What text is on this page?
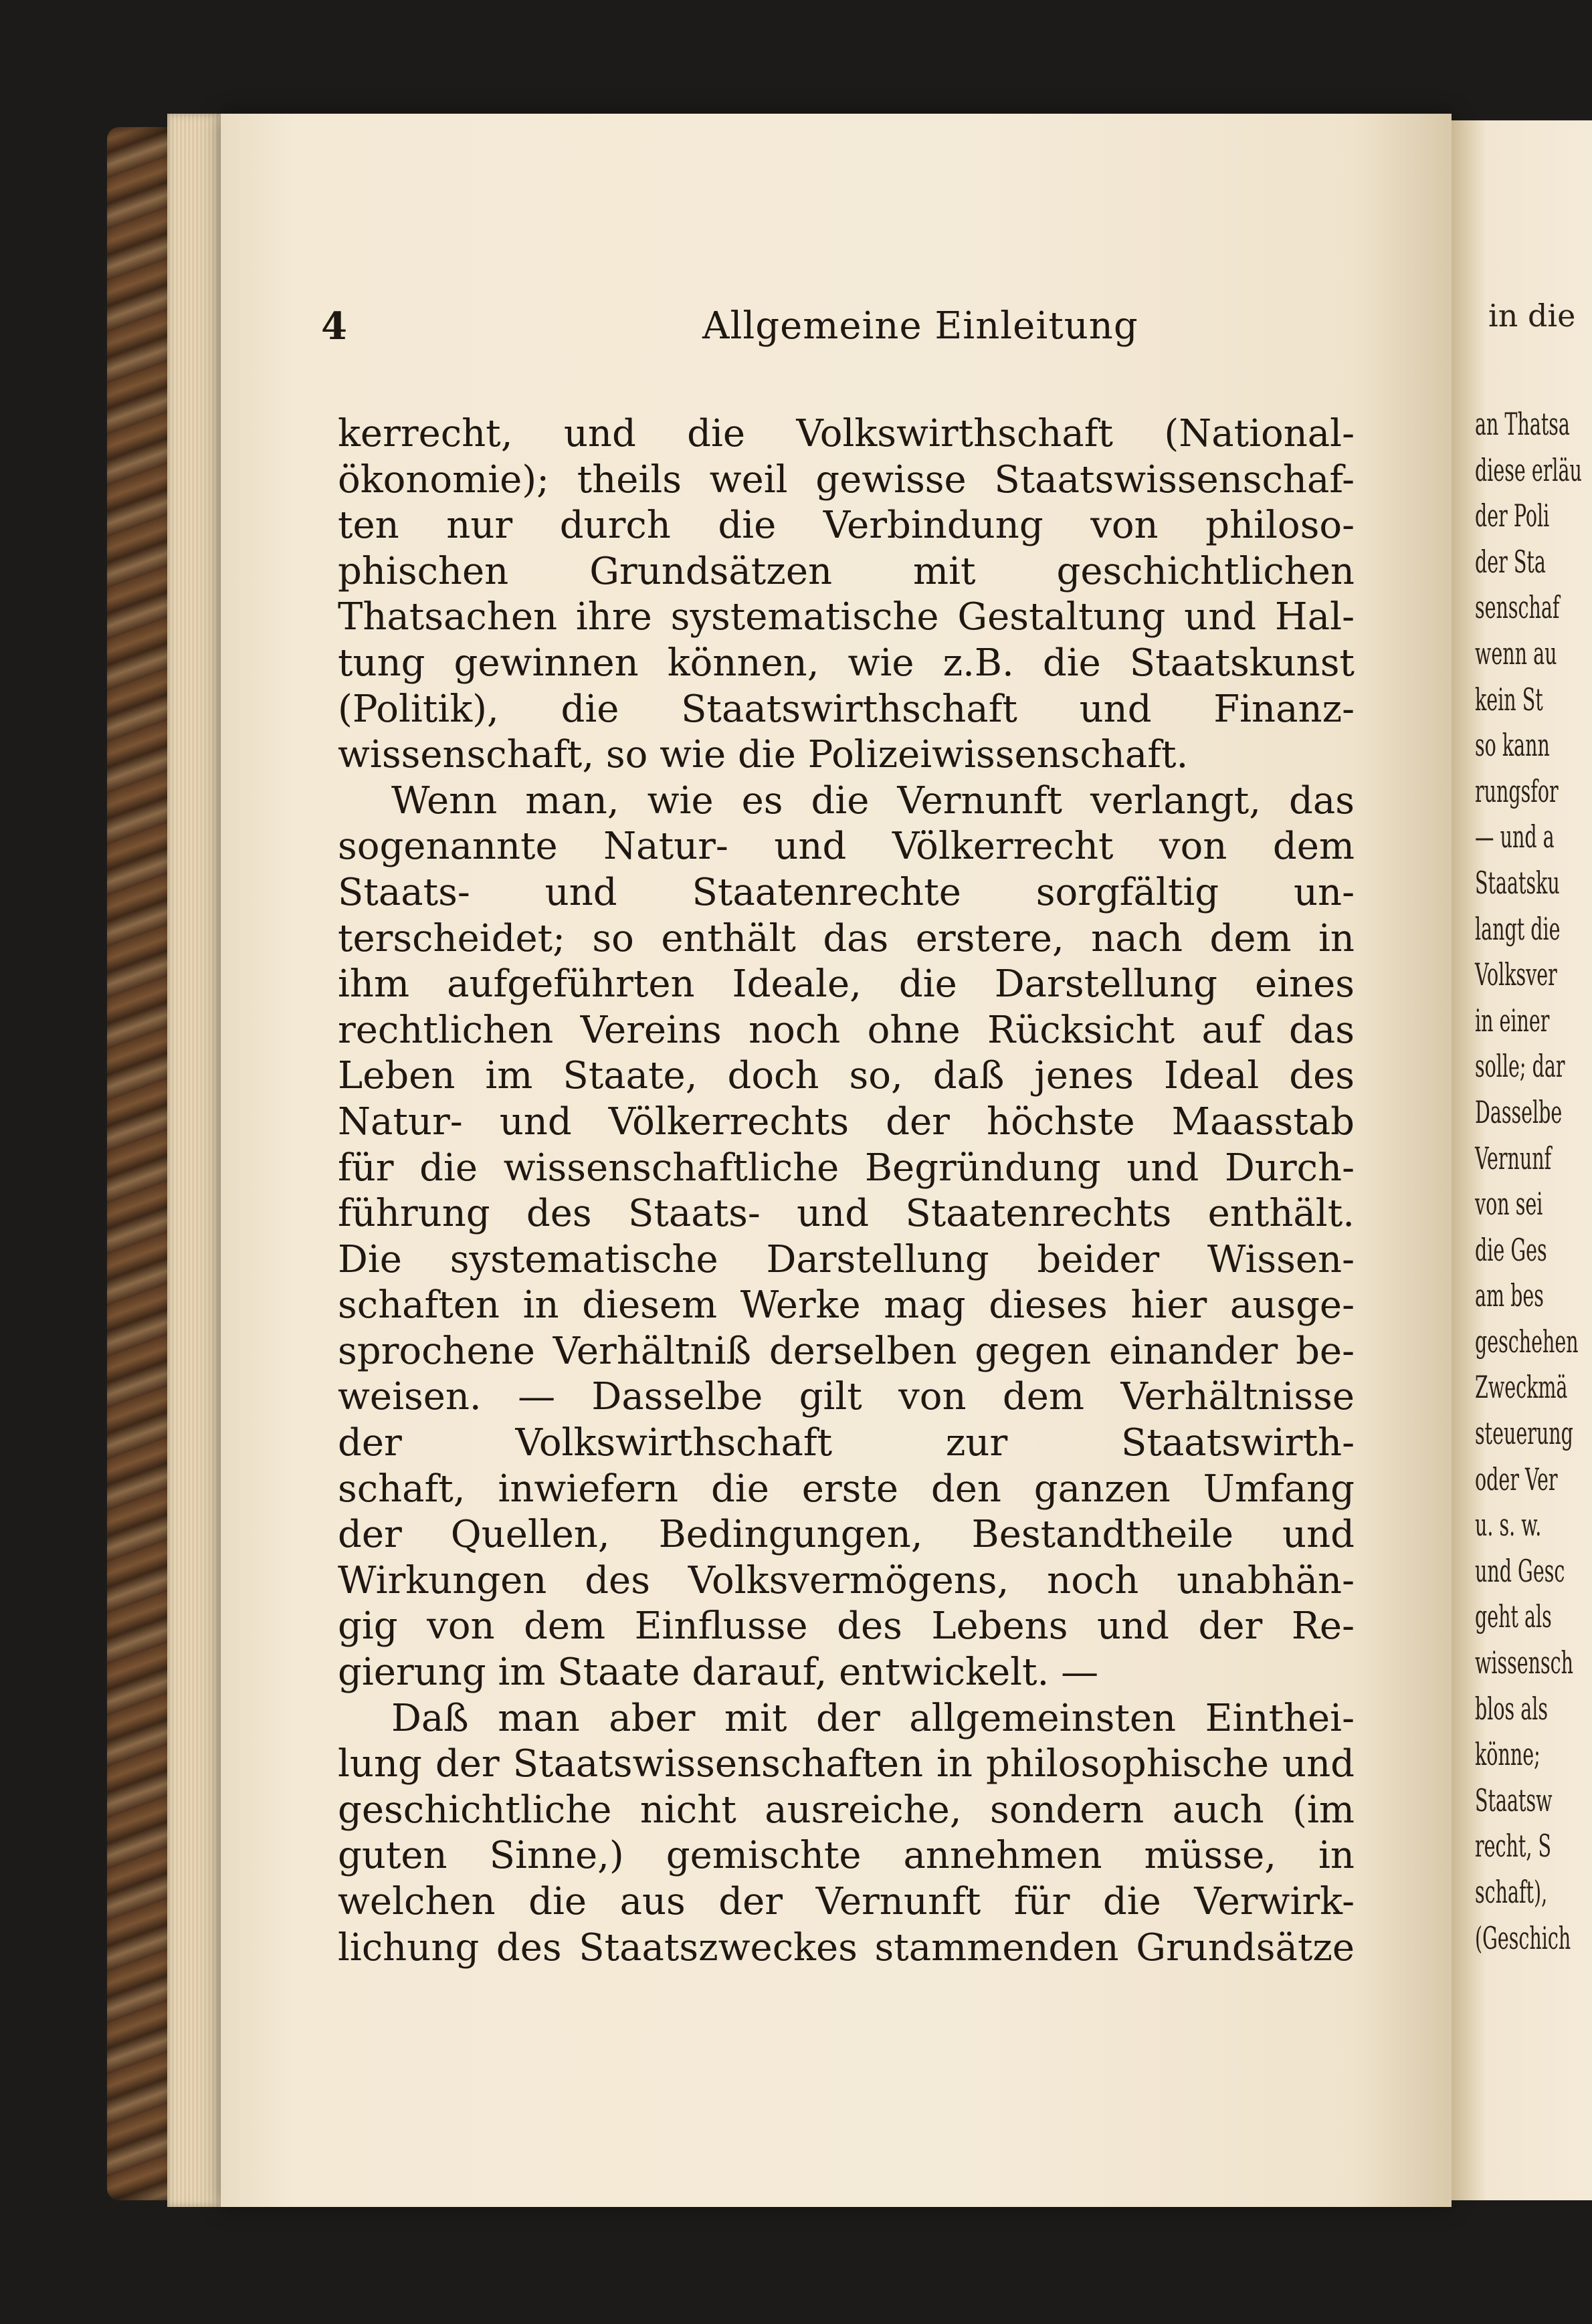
in die
an Thatsa
diese erläu
der Poli
der Sta
senschaf
wenn au
kein St
so kann
rungsfor
— und a
Staatsku
langt die
Volksver
in einer
solle; dar
Dasselbe
Vernunf
von sei
die Ges
am bes
geschehen
Zweckmä
steuerung
oder Ver
u. s. w.
und Gesc
geht als
wissensch
blos als
könne;
Staatsw
recht, S
schaft),
(Geschich
4	Allgemeine Einleitung
kerrecht, und die Volkswirthschaft (National-
ökonomie); theils weil gewisse Staatswissenschaf-
ten nur durch die Verbindung von philoso-
phischen Grundsätzen mit geschichtlichen
Thatsachen ihre systematische Gestaltung und Hal-
tung gewinnen können, wie z.B. die Staatskunst
(Politik), die Staatswirthschaft und Finanz-
wissenschaft, so wie die Polizeiwissenschaft.
Wenn man, wie es die Vernunft verlangt, das
sogenannte Natur- und Völkerrecht von dem
Staats- und Staatenrechte sorgfältig un-
terscheidet; so enthält das erstere, nach dem in
ihm aufgeführten Ideale, die Darstellung eines
rechtlichen Vereins noch ohne Rücksicht auf das
Leben im Staate, doch so, daß jenes Ideal des
Natur- und Völkerrechts der höchste Maasstab
für die wissenschaftliche Begründung und Durch-
führung des Staats- und Staatenrechts enthält.
Die systematische Darstellung beider Wissen-
schaften in diesem Werke mag dieses hier ausge-
sprochene Verhältniß derselben gegen einander be-
weisen. — Dasselbe gilt von dem Verhältnisse
der Volkswirthschaft zur Staatswirth-
schaft, inwiefern die erste den ganzen Umfang
der Quellen, Bedingungen, Bestandtheile und
Wirkungen des Volksvermögens, noch unabhän-
gig von dem Einflusse des Lebens und der Re-
gierung im Staate darauf, entwickelt. —
Daß man aber mit der allgemeinsten Einthei-
lung der Staatswissenschaften in philosophische und
geschichtliche nicht ausreiche, sondern auch (im
guten Sinne,) gemischte annehmen müsse, in
welchen die aus der Vernunft für die Verwirk-
lichung des Staatszweckes stammenden Grundsätze
